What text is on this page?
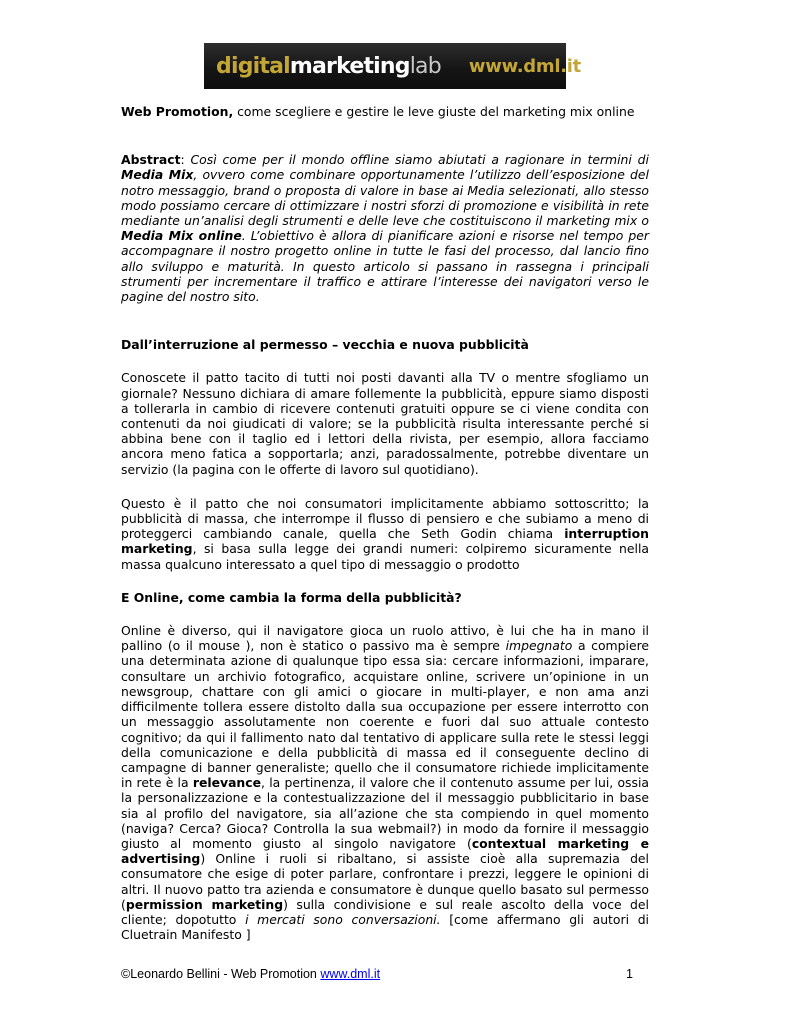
digital marketing lab www.dml.it

Web Promotion, come scegliere e gestire le leve giuste del marketing mix online

Abstract: Così come per il mondo offline siamo abiutati a ragionare in termini di Media Mix, ovvero come combinare opportunamente l’utilizzo dell’esposizione del notro messaggio, brand o proposta di valore in base ai Media selezionati, allo stesso modo possiamo cercare di ottimizzare i nostri sforzi di promozione e visibilità in rete mediante un’analisi degli strumenti e delle leve che costituiscono il marketing mix o Media Mix online. L’obiettivo è allora di pianificare azioni e risorse nel tempo per accompagnare il nostro progetto online in tutte le fasi del processo, dal lancio fino allo sviluppo e maturità. In questo articolo si passano in rassegna i principali strumenti per incrementare il traffico e attirare l’interesse dei navigatori verso le pagine del nostro sito.

Dall’interruzione al permesso – vecchia e nuova pubblicità

Conoscete il patto tacito di tutti noi posti davanti alla TV o mentre sfogliamo un giornale? Nessuno dichiara di amare follemente la pubblicità, eppure siamo disposti a tollerarla in cambio di ricevere contenuti gratuiti oppure se ci viene condita con contenuti da noi giudicati di valore; se la pubblicità risulta interessante perché si abbina bene con il taglio ed i lettori della rivista, per esempio, allora facciamo ancora meno fatica a sopportarla; anzi, paradossalmente, potrebbe diventare un servizio (la pagina con le offerte di lavoro sul quotidiano).

Questo è il patto che noi consumatori implicitamente abbiamo sottoscritto; la pubblicità di massa, che interrompe il flusso di pensiero e che subiamo a meno di proteggerci cambiando canale, quella che Seth Godin chiama interruption marketing, si basa sulla legge dei grandi numeri: colpiremo sicuramente nella massa qualcuno interessato a quel tipo di messaggio o prodotto

E Online, come cambia la forma della pubblicità?

Online è diverso, qui il navigatore gioca un ruolo attivo, è lui che ha in mano il pallino (o il mouse ), non è statico o passivo ma è sempre impegnato a compiere una determinata azione di qualunque tipo essa sia: cercare informazioni, imparare, consultare un archivio fotografico, acquistare online, scrivere un’opinione in un newsgroup, chattare con gli amici o giocare in multi-player, e non ama anzi difficilmente tollera essere distolto dalla sua occupazione per essere interrotto con un messaggio assolutamente non coerente e fuori dal suo attuale contesto cognitivo; da qui il fallimento nato dal tentativo di applicare sulla rete le stessi leggi della comunicazione e della pubblicità di massa ed il conseguente declino di campagne di banner generaliste; quello che il consumatore richiede implicitamente in rete è la relevance, la pertinenza, il valore che il contenuto assume per lui, ossia la personalizzazione e la contestualizzazione del il messaggio pubblicitario in base sia al profilo del navigatore, sia all’azione che sta compiendo in quel momento (naviga? Cerca? Gioca? Controlla la sua webmail?) in modo da fornire il messaggio giusto al momento giusto al singolo navigatore (contextual marketing e advertising) Online i ruoli si ribaltano, si assiste cioè alla supremazia del consumatore che esige di poter parlare, confrontare i prezzi, leggere le opinioni di altri. Il nuovo patto tra azienda e consumatore è dunque quello basato sul permesso (permission marketing) sulla condivisione e sul reale ascolto della voce del cliente; dopotutto i mercati sono conversazioni. [come affermano gli autori di Cluetrain Manifesto ]

©Leonardo Bellini - Web Promotion www.dml.it	1
